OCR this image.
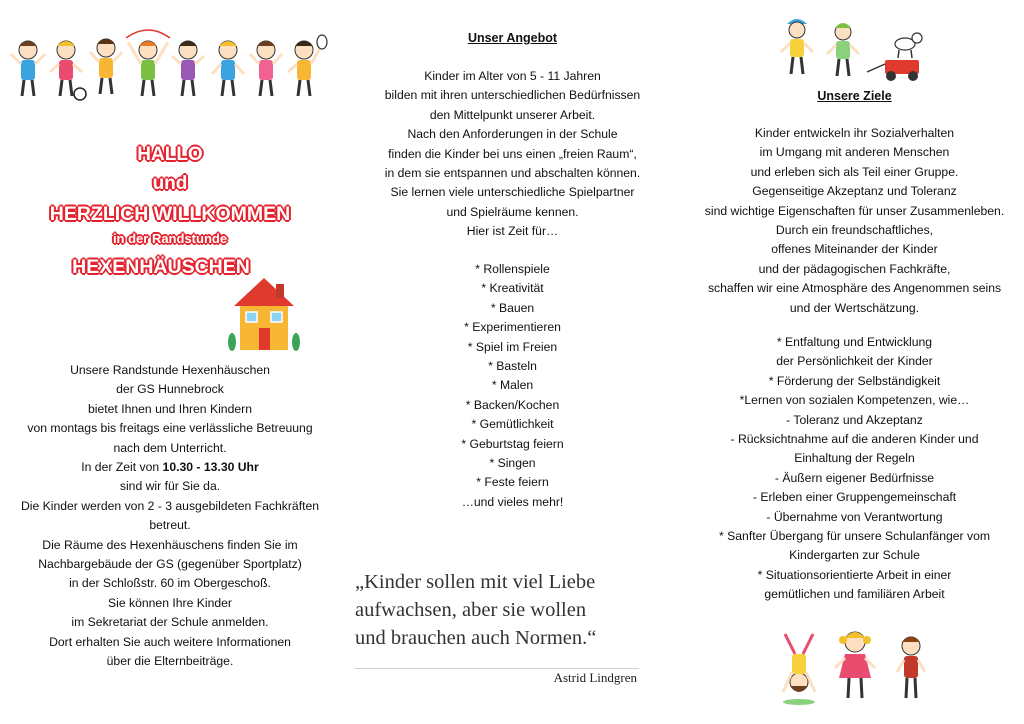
HALLO
und
HERZLICH WILLKOMMEN
in der Randstunde
HEXENHÄUSCHEN
Unsere Randstunde Hexenhäuschen
der GS Hunnebrock
bietet Ihnen und Ihren Kindern
von montags bis freitags eine verlässliche Betreuung
nach dem Unterricht.
In der Zeit von 10.30 - 13.30 Uhr
sind wir für Sie da.
Die Kinder werden von 2 - 3 ausgebildeten Fachkräften
betreut.
Die Räume des Hexenhäuschens finden Sie im
Nachbargebäude der GS (gegenüber Sportplatz)
in der Schloßstr. 60 im Obergeschoß.
Sie können Ihre Kinder
im Sekretariat der Schule anmelden.
Dort erhalten Sie auch weitere Informationen
über die Elternbeiträge.
Unser Angebot
Kinder im Alter von 5 - 11 Jahren
bilden mit ihren unterschiedlichen Bedürfnissen
den Mittelpunkt unserer Arbeit.
Nach den Anforderungen in der Schule
finden die Kinder bei uns einen „freien Raum“,
in dem sie entspannen und abschalten können.
Sie lernen viele unterschiedliche Spielpartner
und Spielräume kennen.
Hier ist Zeit für…
* Rollenspiele
* Kreativität
* Bauen
* Experimentieren
* Spiel im Freien
* Basteln
* Malen
* Backen/Kochen
* Gemütlichkeit
* Geburtstag feiern
* Singen
* Feste feiern
…und vieles mehr!
„Kinder sollen mit viel Liebe
aufwachsen, aber sie wollen
und brauchen auch Normen.“
Astrid Lindgren
Unsere Ziele
Kinder entwickeln ihr Sozialverhalten
im Umgang mit anderen Menschen
und erleben sich als Teil einer Gruppe.
Gegenseitige Akzeptanz und Toleranz
sind wichtige Eigenschaften für unser Zusammenleben.
Durch ein freundschaftliches,
offenes Miteinander der Kinder
und der pädagogischen Fachkräfte,
schaffen wir eine Atmosphäre des Angenommen seins
und der Wertschätzung.
* Entfaltung und Entwicklung
der Persönlichkeit der Kinder
* Förderung der Selbständigkeit
*Lernen von sozialen Kompetenzen, wie…
- Toleranz und Akzeptanz
- Rücksichtnahme auf die anderen Kinder und
Einhaltung der Regeln
- Äußern eigener Bedürfnisse
- Erleben einer Gruppengemeinschaft
- Übernahme von Verantwortung
* Sanfter Übergang für unsere Schulanfänger vom
Kindergarten zur Schule
* Situationsorientierte Arbeit in einer
gemütlichen und familiären Arbeit
